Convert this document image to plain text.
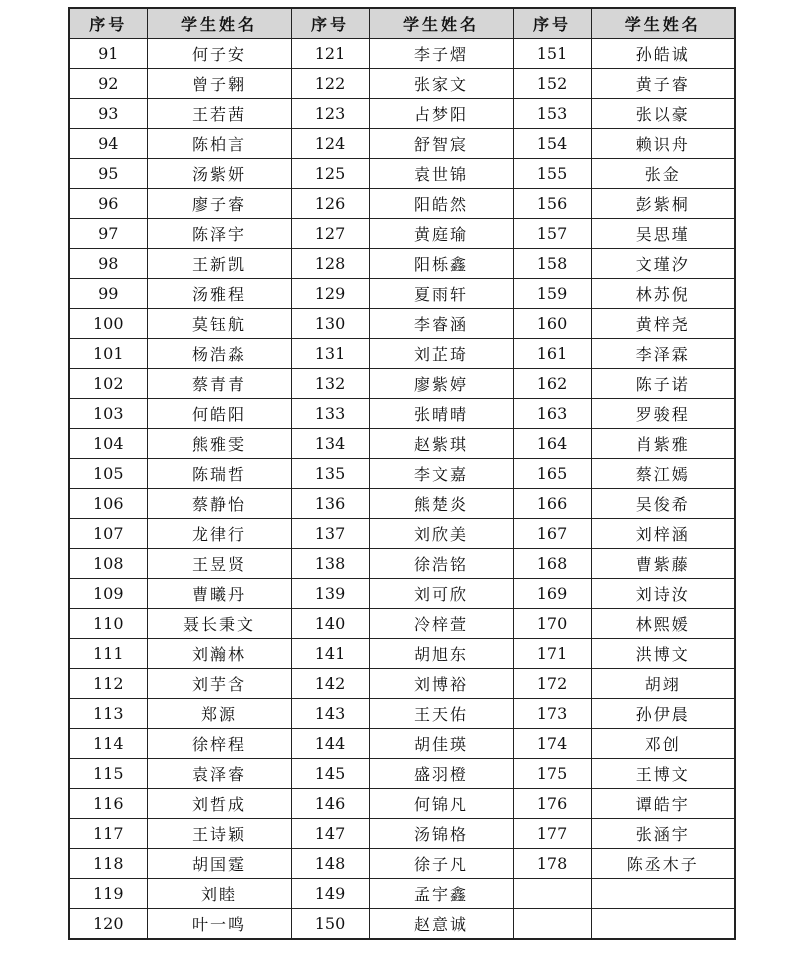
序号	学生姓名	序号	学生姓名	序号	学生姓名
91	何子安	121	李子熠	151	孙皓诚
92	曾子翱	122	张家文	152	黄子睿
93	王若茜	123	占梦阳	153	张以豪
94	陈柏言	124	舒智宸	154	赖识舟
95	汤紫妍	125	袁世锦	155	张金
96	廖子睿	126	阳皓然	156	彭紫桐
97	陈泽宇	127	黄庭瑜	157	吴思瑾
98	王新凯	128	阳栎鑫	158	文瑾汐
99	汤雅程	129	夏雨轩	159	林苏倪
100	莫钰航	130	李睿涵	160	黄梓尧
101	杨浩淼	131	刘芷琦	161	李泽霖
102	蔡青青	132	廖紫婷	162	陈子诺
103	何皓阳	133	张晴晴	163	罗骏程
104	熊雅雯	134	赵紫琪	164	肖紫雅
105	陈瑞哲	135	李文嘉	165	蔡江嫣
106	蔡静怡	136	熊楚炎	166	吴俊希
107	龙律行	137	刘欣美	167	刘梓涵
108	王昱贤	138	徐浩铭	168	曹紫藤
109	曹曦丹	139	刘可欣	169	刘诗汝
110	聂长秉文	140	冷梓萱	170	林熙媛
111	刘瀚林	141	胡旭东	171	洪博文
112	刘芋含	142	刘博裕	172	胡翊
113	郑源	143	王天佑	173	孙伊晨
114	徐梓程	144	胡佳瑛	174	邓创
115	袁泽睿	145	盛羽橙	175	王博文
116	刘哲成	146	何锦凡	176	谭皓宇
117	王诗颖	147	汤锦格	177	张涵宇
118	胡国霆	148	徐子凡	178	陈丞木子
119	刘睦	149	孟宇鑫		
120	叶一鸣	150	赵意诚		
